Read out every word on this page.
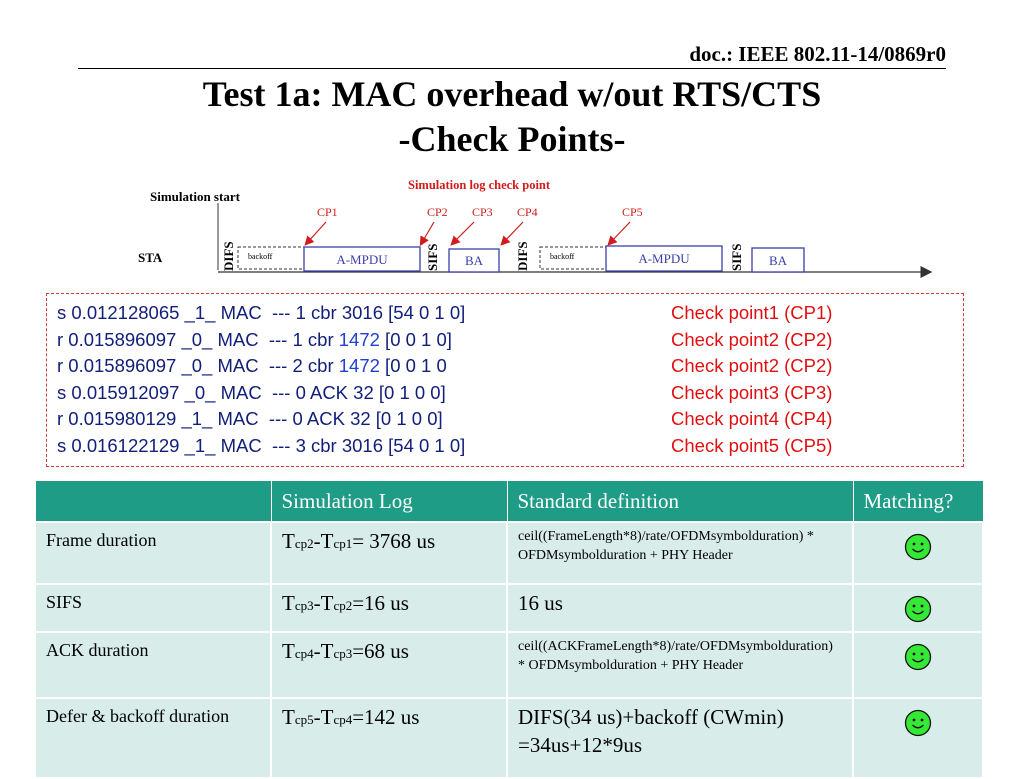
doc.: IEEE 802.11-14/0869r0
Test 1a: MAC overhead w/out RTS/CTS
-Check Points-
Simulation start
Simulation log check point
STA	DIFS backoff	A-MPDU	SIFS BA DIFS	backoff	A-MPDU	SIFS BA
CP1	CP2 CP3 CP4	CP5
s 0.012128065 _1_ MAC  --- 1 cbr 3016 [54 0 1 0]	Check point1 (CP1)
r 0.015896097 _0_ MAC  --- 1 cbr 1472 [0 0 1 0]	Check point2 (CP2)
r 0.015896097 _0_ MAC  --- 2 cbr 1472 [0 0 1 0	Check point2 (CP2)
s 0.015912097 _0_ MAC  --- 0 ACK 32 [0 1 0 0]	Check point3 (CP3)
r 0.015980129 _1_ MAC  --- 0 ACK 32 [0 1 0 0]	Check point4 (CP4)
s 0.016122129 _1_ MAC  --- 3 cbr 3016 [54 0 1 0]	Check point5 (CP5)
	Simulation Log	Standard definition	Matching?
Frame duration	Tcp2-Tcp1= 3768 us	ceil((FrameLength*8)/rate/OFDMsymbolduration) * OFDMsymbolduration + PHY Header	

SIFS	Tcp3-Tcp2=16 us	16 us	

ACK duration	Tcp4-Tcp3=68 us	ceil((ACKFrameLength*8)/rate/OFDMsymbolduration) * OFDMsymbolduration + PHY Header	

Defer & backoff duration	Tcp5-Tcp4=142 us	DIFS(34 us)+backoff (CWmin) =34us+12*9us	
